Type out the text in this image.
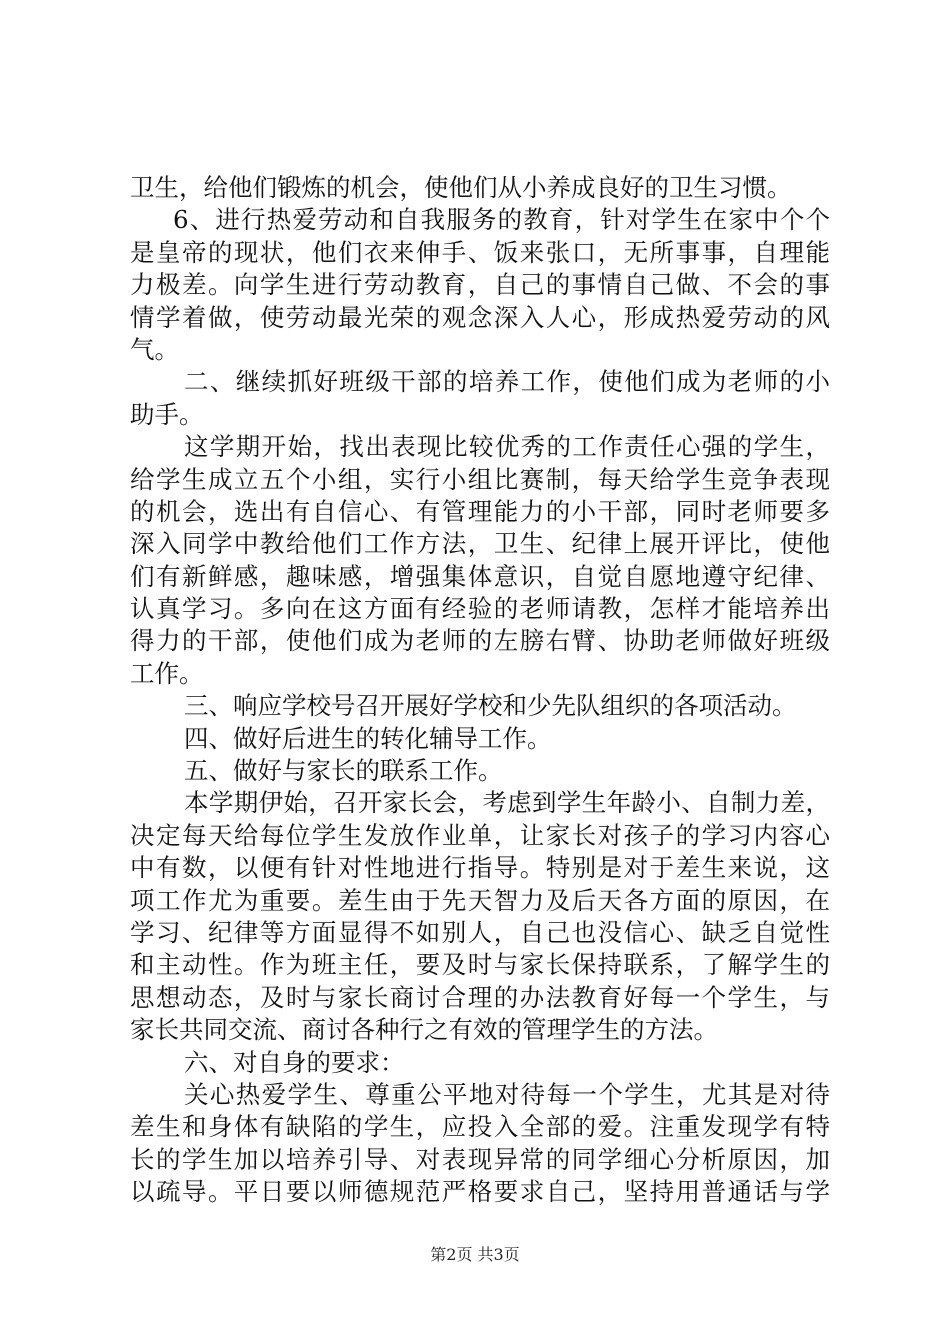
卫生，给他们锻炼的机会，使他们从小养成良好的卫生习惯。
6、进行热爱劳动和自我服务的教育，针对学生在家中个个
是皇帝的现状，他们衣来伸手、饭来张口，无所事事，自理能
力极差。向学生进行劳动教育，自己的事情自己做、不会的事
情学着做，使劳动最光荣的观念深入人心，形成热爱劳动的风
气。
二、继续抓好班级干部的培养工作，使他们成为老师的小
助手。
这学期开始，找出表现比较优秀的工作责任心强的学生，
给学生成立五个小组，实行小组比赛制，每天给学生竞争表现
的机会，选出有自信心、有管理能力的小干部，同时老师要多
深入同学中教给他们工作方法，卫生、纪律上展开评比，使他
们有新鲜感，趣味感，增强集体意识，自觉自愿地遵守纪律、
认真学习。多向在这方面有经验的老师请教，怎样才能培养出
得力的干部，使他们成为老师的左膀右臂、协助老师做好班级
工作。
三、响应学校号召开展好学校和少先队组织的各项活动。
四、做好后进生的转化辅导工作。
五、做好与家长的联系工作。
本学期伊始，召开家长会，考虑到学生年龄小、自制力差，
决定每天给每位学生发放作业单，让家长对孩子的学习内容心
中有数，以便有针对性地进行指导。特别是对于差生来说，这
项工作尤为重要。差生由于先天智力及后天各方面的原因，在
学习、纪律等方面显得不如别人，自己也没信心、缺乏自觉性
和主动性。作为班主任，要及时与家长保持联系，了解学生的
思想动态，及时与家长商讨合理的办法教育好每一个学生，与
家长共同交流、商讨各种行之有效的管理学生的方法。
六、对自身的要求：
关心热爱学生、尊重公平地对待每一个学生，尤其是对待
差生和身体有缺陷的学生，应投入全部的爱。注重发现学有特
长的学生加以培养引导、对表现异常的同学细心分析原因，加
以疏导。平日要以师德规范严格要求自己，坚持用普通话与学
第2页 共3页
